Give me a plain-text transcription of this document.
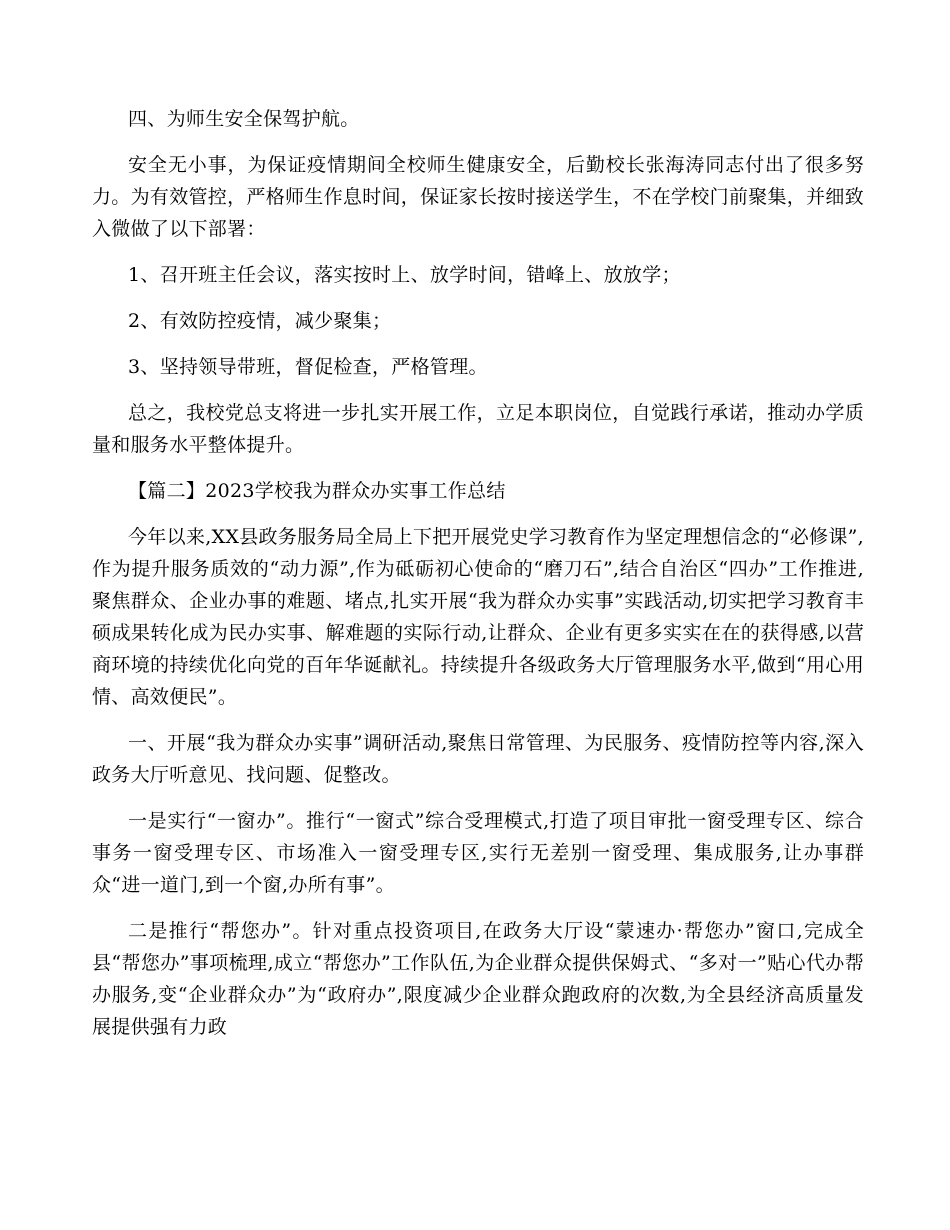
四、为师生安全保驾护航。

安全无小事，为保证疫情期间全校师生健康安全，后勤校长张海涛同志付出了很多努力。为有效管控，严格师生作息时间，保证家长按时接送学生，不在学校门前聚集，并细致入微做了以下部署：

1、召开班主任会议，落实按时上、放学时间，错峰上、放放学；

2、有效防控疫情，减少聚集；

3、坚持领导带班，督促检查，严格管理。

总之，我校党总支将进一步扎实开展工作，立足本职岗位，自觉践行承诺，推动办学质量和服务水平整体提升。

【篇二】2023学校我为群众办实事工作总结

今年以来,XX县政务服务局全局上下把开展党史学习教育作为坚定理想信念的“必修课”,作为提升服务质效的“动力源”,作为砥砺初心使命的“磨刀石”,结合自治区“四办”工作推进,聚焦群众、企业办事的难题、堵点,扎实开展“我为群众办实事”实践活动,切实把学习教育丰硕成果转化成为民办实事、解难题的实际行动,让群众、企业有更多实实在在的获得感,以营商环境的持续优化向党的百年华诞献礼。持续提升各级政务大厅管理服务水平,做到“用心用情、高效便民”。

一、开展“我为群众办实事”调研活动,聚焦日常管理、为民服务、疫情防控等内容,深入政务大厅听意见、找问题、促整改。

一是实行“一窗办”。推行“一窗式”综合受理模式,打造了项目审批一窗受理专区、综合事务一窗受理专区、市场准入一窗受理专区,实行无差别一窗受理、集成服务,让办事群众“进一道门,到一个窗,办所有事”。

二是推行“帮您办”。针对重点投资项目,在政务大厅设“蒙速办·帮您办”窗口,完成全县“帮您办”事项梳理,成立“帮您办”工作队伍,为企业群众提供保姆式、“多对一”贴心代办帮办服务,变“企业群众办”为“政府办”,限度减少企业群众跑政府的次数,为全县经济高质量发展提供强有力政
